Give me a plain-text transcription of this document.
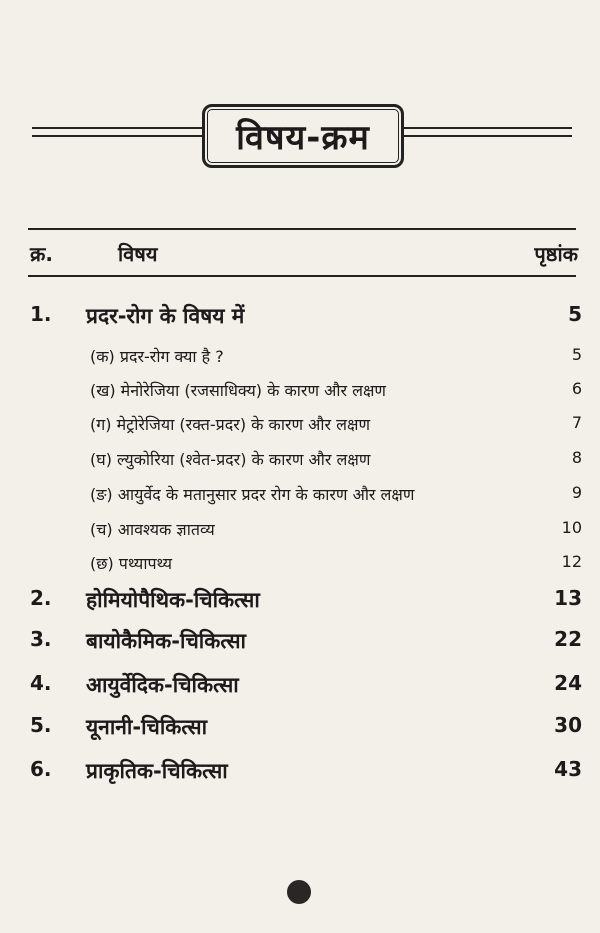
विषय-क्रम
क्र.	विषय	पृष्ठांक
1. प्रदर-रोग के विषय में	5
(क) प्रदर-रोग क्या है ?	5
(ख) मेनोरेजिया (रजसाधिक्य) के कारण और लक्षण	6
(ग) मेट्रोरेजिया (रक्त-प्रदर) के कारण और लक्षण	7
(घ) ल्युकोरिया (श्वेत-प्रदर) के कारण और लक्षण	8
(ङ) आयुर्वेद के मतानुसार प्रदर रोग के कारण और लक्षण	9
(च) आवश्यक ज्ञातव्य	10
(छ) पथ्यापथ्य	12
2. होमियोपैथिक-चिकित्सा	13
3. बायोकैमिक-चिकित्सा	22
4. आयुर्वेदिक-चिकित्सा	24
5. यूनानी-चिकित्सा	30
6. प्राकृतिक-चिकित्सा	43
